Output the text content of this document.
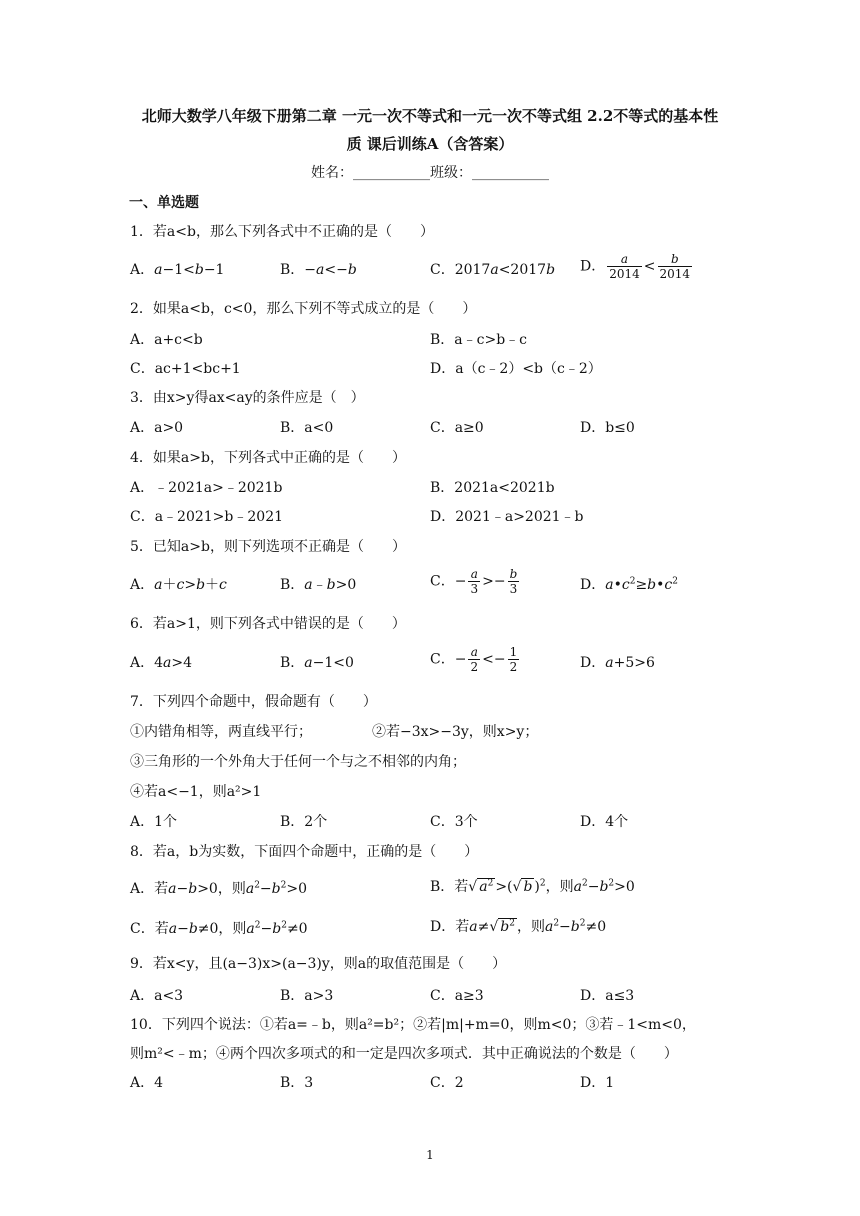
北师大数学八年级下册第二章 一元一次不等式和一元一次不等式组 2.2不等式的基本性
质 课后训练A（含答案）
姓名：___________班级：___________
一、单选题
1．若a<b，那么下列各式中不正确的是（　　）
A．a−1<b−1	B．−a<−b	C．2017a<2017b D． $\frac{a}{2014} < \frac{b}{2014}$
2．如果a<b，c<0，那么下列不等式成立的是（　　）
A．a+c<b	B．a﹣c>b﹣c
C．ac+1<bc+1	D．a（c﹣2）<b（c﹣2）
3．由x>y得ax<ay的条件应是（　）
A．a>0	B．a<0	C．a≥0	D．b≤0
4．如果a>b，下列各式中正确的是（　　）
A．﹣2021a>﹣2021b	B．2021a<2021b
C．a﹣2021>b﹣2021	D．2021﹣a>2021﹣b
5．已知a>b，则下列选项不正确是（　　）
A．a＋c>b＋c	B．a﹣b>0	C．− $\frac{a}{3} >- \frac{b}{3}$	D．$a•c^2\ge b•c^2$
6．若a>1，则下列各式中错误的是（　　）
A．4a>4	B．a−1<0	C．− $\frac{a}{2} <- \frac{1}{2}$	D．a+5>6
7．下列四个命题中，假命题有（　　）
①内错角相等，两直线平行；	②若−3x>−3y，则x>y；
③三角形的一个外角大于任何一个与之不相邻的内角；
④若a<−1，则a²>1
A．1个	B．2个	C．3个	D．4个
8．若a，b为实数，下面四个命题中，正确的是（　　）
A．若a−b>0，则$a^2-b^2>0$	B．若√ $a^2$ >(√ b )$^2$，则$a^2-b^2>0$
C．若a−b≠0，则$a^2-b^2\ne 0$	D．若a≠√ $b^2$ ，则$a^2-b^2\ne 0$
9．若x<y，且(a−3)x>(a−3)y，则a的取值范围是（　　）
A．a<3	B．a>3	C．a≥3	D．a≤3
10．下列四个说法：①若a=﹣b，则a²=b²；②若|m|+m=0，则m<0；③若﹣1<m<0，
则m²<﹣m；④两个四次多项式的和一定是四次多项式．其中正确说法的个数是（　　）
A．4	B．3	C．2	D．1
1
